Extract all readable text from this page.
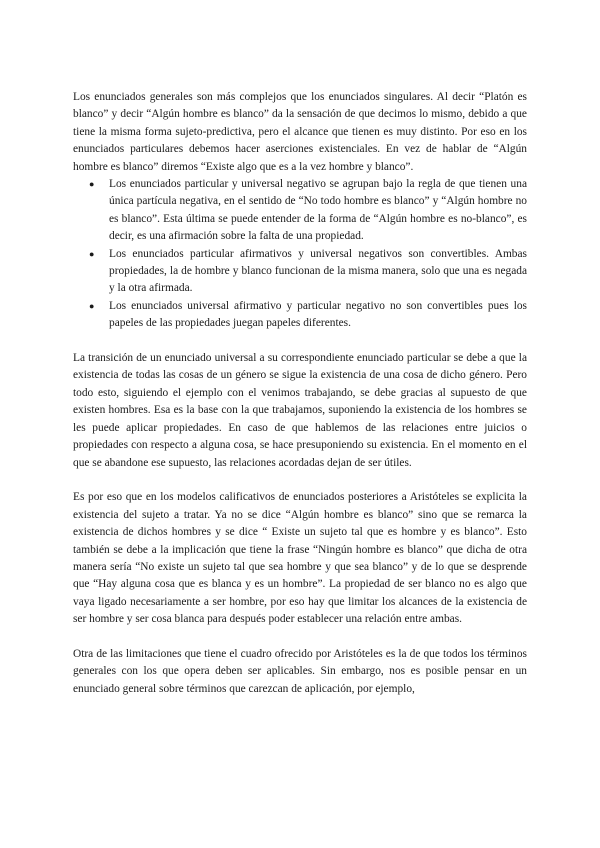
Los enunciados generales son más complejos que los enunciados singulares. Al decir “Platón es blanco” y decir “Algún hombre es blanco” da la sensación de que decimos lo mismo, debido a que tiene la misma forma sujeto-predictiva, pero el alcance que tienen es muy distinto. Por eso en los enunciados particulares debemos hacer aserciones existenciales. En vez de hablar de “Algún hombre es blanco” diremos “Existe algo que es a la vez hombre y blanco”.

● Los enunciados particular y universal negativo se agrupan bajo la regla de que tienen una única partícula negativa, en el sentido de “No todo hombre es blanco” y “Algún hombre no es blanco”. Esta última se puede entender de la forma de “Algún hombre es no-blanco”, es decir, es una afirmación sobre la falta de una propiedad.
● Los enunciados particular afirmativos y universal negativos son convertibles. Ambas propiedades, la de hombre y blanco funcionan de la misma manera, solo que una es negada y la otra afirmada.
● Los enunciados universal afirmativo y particular negativo no son convertibles pues los papeles de las propiedades juegan papeles diferentes.

La transición de un enunciado universal a su correspondiente enunciado particular se debe a que la existencia de todas las cosas de un género se sigue la existencia de una cosa de dicho género. Pero todo esto, siguiendo el ejemplo con el venimos trabajando, se debe gracias al supuesto de que existen hombres. Esa es la base con la que trabajamos, suponiendo la existencia de los hombres se les puede aplicar propiedades. En caso de que hablemos de las relaciones entre juicios o propiedades con respecto a alguna cosa, se hace presuponiendo su existencia. En el momento en el que se abandone ese supuesto, las relaciones acordadas dejan de ser útiles.

Es por eso que en los modelos calificativos de enunciados posteriores a Aristóteles se explicita la existencia del sujeto a tratar. Ya no se dice “Algún hombre es blanco” sino que se remarca la existencia de dichos hombres y se dice “ Existe un sujeto tal que es hombre y es blanco”. Esto también se debe a la implicación que tiene la frase “Ningún hombre es blanco” que dicha de otra manera sería “No existe un sujeto tal que sea hombre y que sea blanco” y de lo que se desprende que “Hay alguna cosa que es blanca y es un hombre”. La propiedad de ser blanco no es algo que vaya ligado necesariamente a ser hombre, por eso hay que limitar los alcances de la existencia de ser hombre y ser cosa blanca para después poder establecer una relación entre ambas.

Otra de las limitaciones que tiene el cuadro ofrecido por Aristóteles es la de que todos los términos generales con los que opera deben ser aplicables. Sin embargo, nos es posible pensar en un enunciado general sobre términos que carezcan de aplicación, por ejemplo,
